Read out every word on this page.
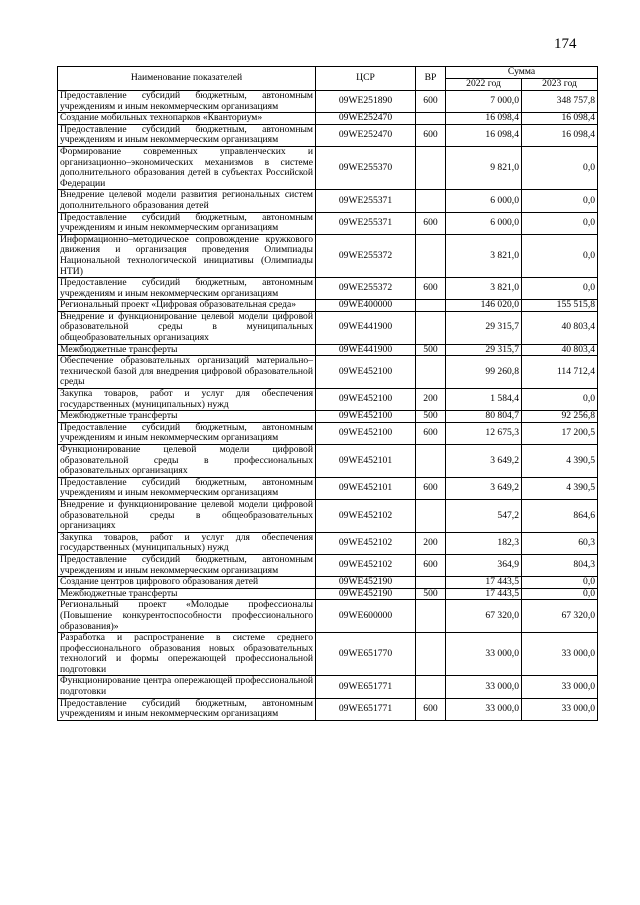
174
Наименование показателей	ЦСР	ВР	Сумма	
			2022 год	2023 год
Предоставление субсидий бюджетным, автономным учреждениям и иным некоммерческим организациям	09WE251890	600	7 000,0	348 757,8
Создание мобильных технопарков «Кванториум»	09WE252470		16 098,4	16 098,4
Предоставление субсидий бюджетным, автономным учреждениям и иным некоммерческим организациям	09WE252470	600	16 098,4	16 098,4
Формирование современных управленческих и организационно–экономических механизмов в системе дополнительного образования детей в субъектах Российской Федерации	09WE255370		9 821,0	0,0
Внедрение целевой модели развития региональных систем дополнительного образования детей	09WE255371		6 000,0	0,0
Предоставление субсидий бюджетным, автономным учреждениям и иным некоммерческим организациям	09WE255371	600	6 000,0	0,0
Информационно–методическое сопровождение кружкового движения и организация проведения Олимпиады Национальной технологической инициативы (Олимпиады НТИ)	09WE255372		3 821,0	0,0
Предоставление субсидий бюджетным, автономным учреждениям и иным некоммерческим организациям	09WE255372	600	3 821,0	0,0
Региональный проект «Цифровая образовательная среда»	09WE400000		146 020,0	155 515,8
Внедрение и функционирование целевой модели цифровой образовательной среды в муниципальных общеобразовательных организациях	09WE441900		29 315,7	40 803,4
Межбюджетные трансферты	09WE441900	500	29 315,7	40 803,4
Обеспечение образовательных организаций материально–технической базой для внедрения цифровой образовательной среды	09WE452100		99 260,8	114 712,4
Закупка товаров, работ и услуг для обеспечения государственных (муниципальных) нужд	09WE452100	200	1 584,4	0,0
Межбюджетные трансферты	09WE452100	500	80 804,7	92 256,8
Предоставление субсидий бюджетным, автономным учреждениям и иным некоммерческим организациям	09WE452100	600	12 675,3	17 200,5
Функционирование целевой модели цифровой образовательной среды в профессиональных образовательных организациях	09WE452101		3 649,2	4 390,5
Предоставление субсидий бюджетным, автономным учреждениям и иным некоммерческим организациям	09WE452101	600	3 649,2	4 390,5
Внедрение и функционирование целевой модели цифровой образовательной среды в общеобразовательных организациях	09WE452102		547,2	864,6
Закупка товаров, работ и услуг для обеспечения государственных (муниципальных) нужд	09WE452102	200	182,3	60,3
Предоставление субсидий бюджетным, автономным учреждениям и иным некоммерческим организациям	09WE452102	600	364,9	804,3
Создание центров цифрового образования детей	09WE452190		17 443,5	0,0
Межбюджетные трансферты	09WE452190	500	17 443,5	0,0
Региональный проект «Молодые профессионалы (Повышение конкурентоспособности профессионального образования)»	09WE600000		67 320,0	67 320,0
Разработка и распространение в системе среднего профессионального образования новых образовательных технологий и формы опережающей профессиональной подготовки	09WE651770		33 000,0	33 000,0
Функционирование центра опережающей профессиональной подготовки	09WE651771		33 000,0	33 000,0
Предоставление субсидий бюджетным, автономным учреждениям и иным некоммерческим организациям	09WE651771	600	33 000,0	33 000,0
